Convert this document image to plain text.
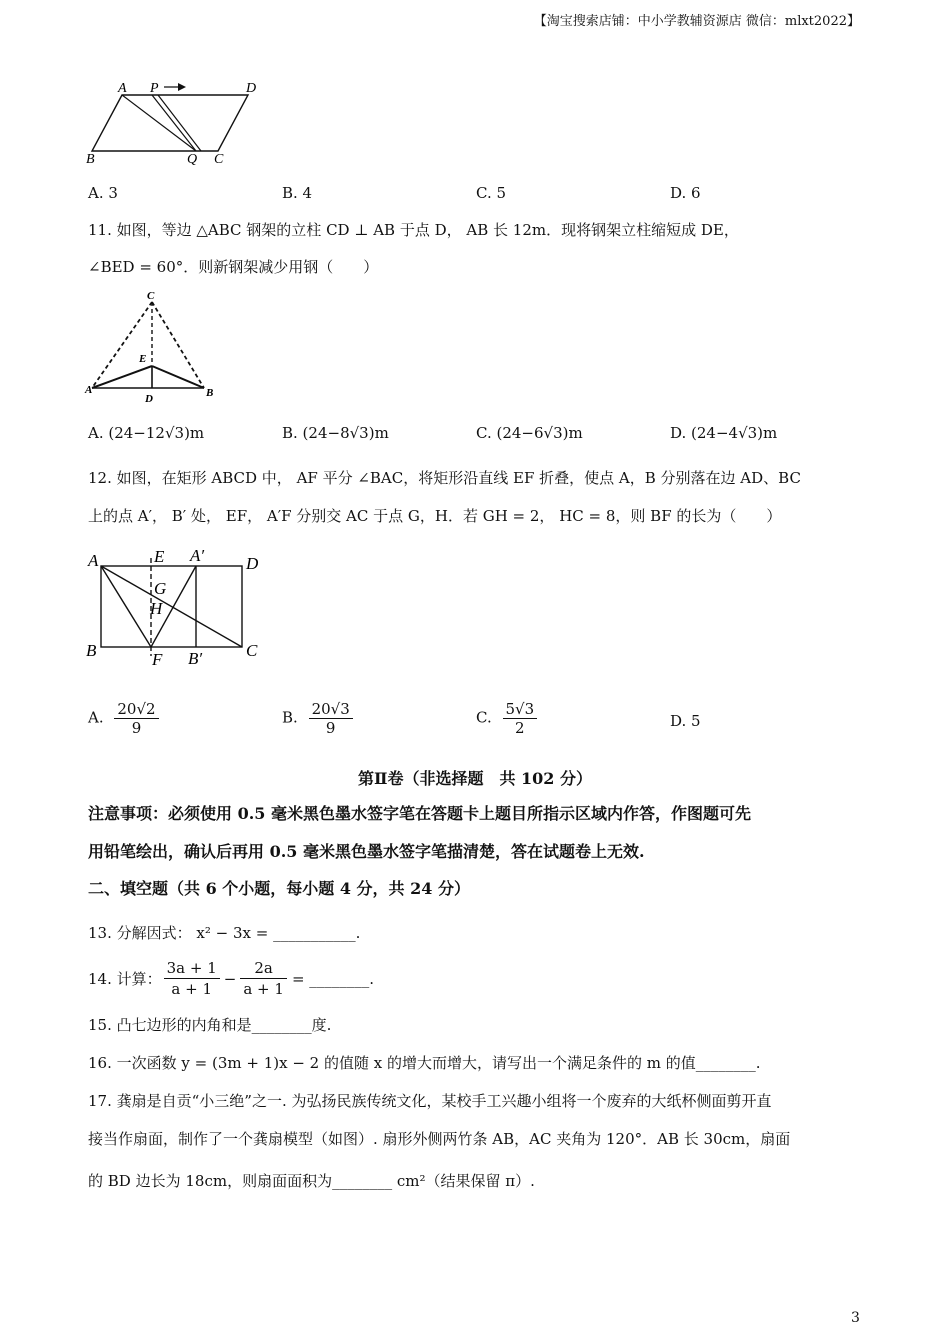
【淘宝搜索店铺：中小学教辅资源店 微信：mlxt2022】
A P	D
B	Q C
A. 3	B. 4	C. 5	D. 6
11. 如图，等边 △ABC 钢架的立柱 CD ⊥ AB 于点 D， AB 长 12m．现将钢架立柱缩短成 DE，
∠BED = 60°．则新钢架减少用钢（　　）
C
E
A
D	B
A. (24−12√3)m	B. (24−8√3)m	C. (24−6√3)m	D. (24−4√3)m
12. 如图，在矩形 ABCD 中， AF 平分 ∠BAC，将矩形沿直线 EF 折叠，使点 A，B 分别落在边 AD、BC
上的点 A′， B′ 处， EF， A′F 分别交 AC 于点 G，H．若 GH = 2， HC = 8，则 BF 的长为（　　）
A	E A′ D
G
H
B	F B′	C
A. $\frac{20√2}{9}$	B. $\frac{20√3}{9}$	C. $\frac{5√3}{2}$	D. 5
第Ⅱ卷（非选择题　共 102 分）
注意事项：必须使用 0.5 毫米黑色墨水签字笔在答题卡上题目所指示区域内作答，作图题可先
用铅笔绘出，确认后再用 0.5 毫米黑色墨水签字笔描清楚，答在试题卷上无效.
二、填空题（共 6 个小题，每小题 4 分，共 24 分）
13. 分解因式： x² − 3x = ___________.
14. 计算： $\frac{3a + 1}{a + 1} - \frac{2a}{a + 1}$ = ________.
15. 凸七边形的内角和是________度.
16. 一次函数 y = (3m + 1)x − 2 的值随 x 的增大而增大，请写出一个满足条件的 m 的值________.
17. 龚扇是自贡“小三绝”之一. 为弘扬民族传统文化，某校手工兴趣小组将一个废弃的大纸杯侧面剪开直
接当作扇面，制作了一个龚扇模型（如图）. 扇形外侧两竹条 AB，AC 夹角为 120°．AB 长 30cm，扇面
的 BD 边长为 18cm，则扇面面积为________ cm²（结果保留 π）.
3
